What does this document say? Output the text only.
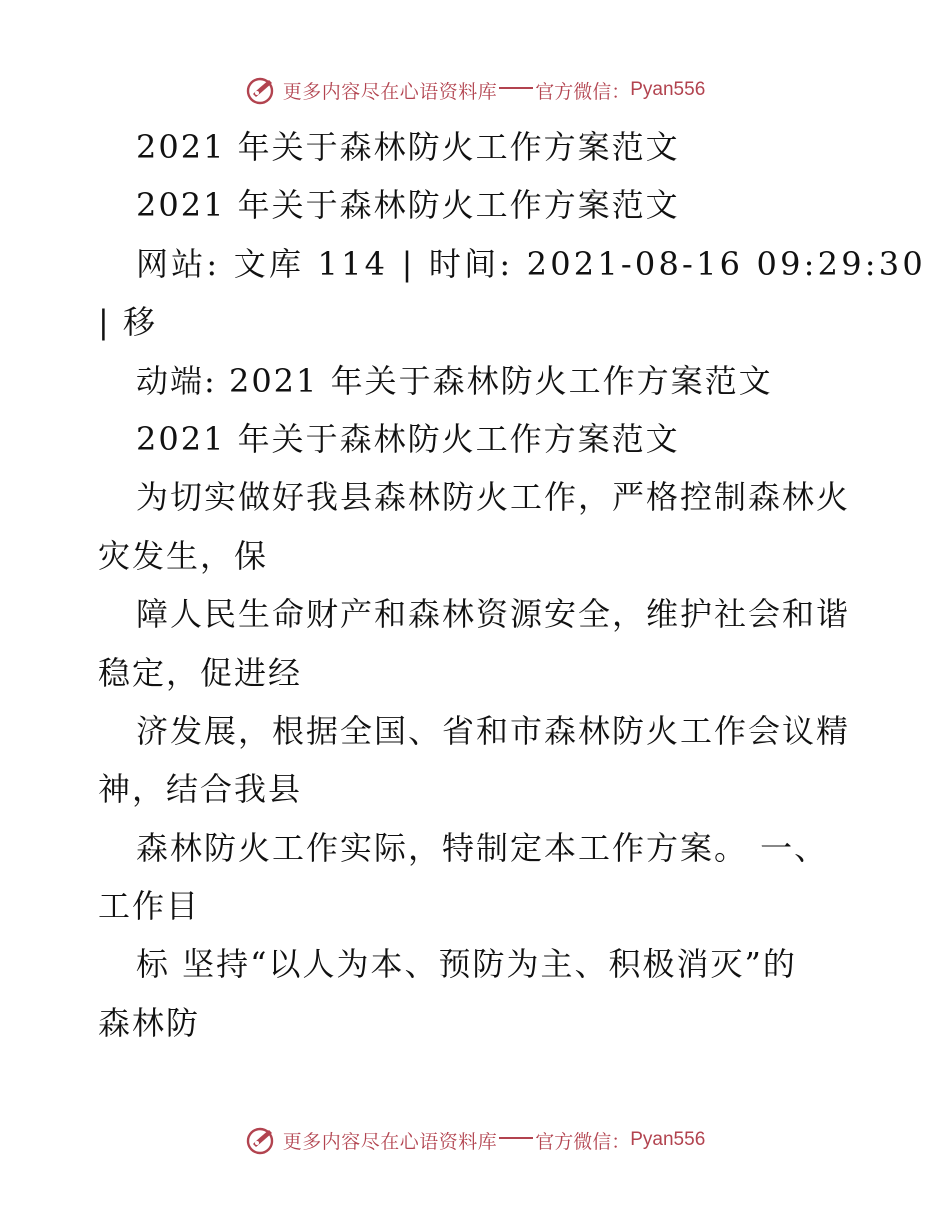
更多内容尽在心语资料库 官方微信： Pyan556
2021 年关于森林防火工作方案范文
2021 年关于森林防火工作方案范文
网站: 文库 114 | 时间: 2021-08-16 09:29:30
| 移
动端: 2021 年关于森林防火工作方案范文
2021 年关于森林防火工作方案范文
为切实做好我县森林防火工作，严格控制森林火
灾发生，保
障人民生命财产和森林资源安全，维护社会和谐
稳定，促进经
济发展，根据全国、省和市森林防火工作会议精
神，结合我县
森林防火工作实际，特制定本工作方案。 一、
工作目
标 坚持“以人为本、预防为主、积极消灭”的
森林防
更多内容尽在心语资料库 官方微信： Pyan556
